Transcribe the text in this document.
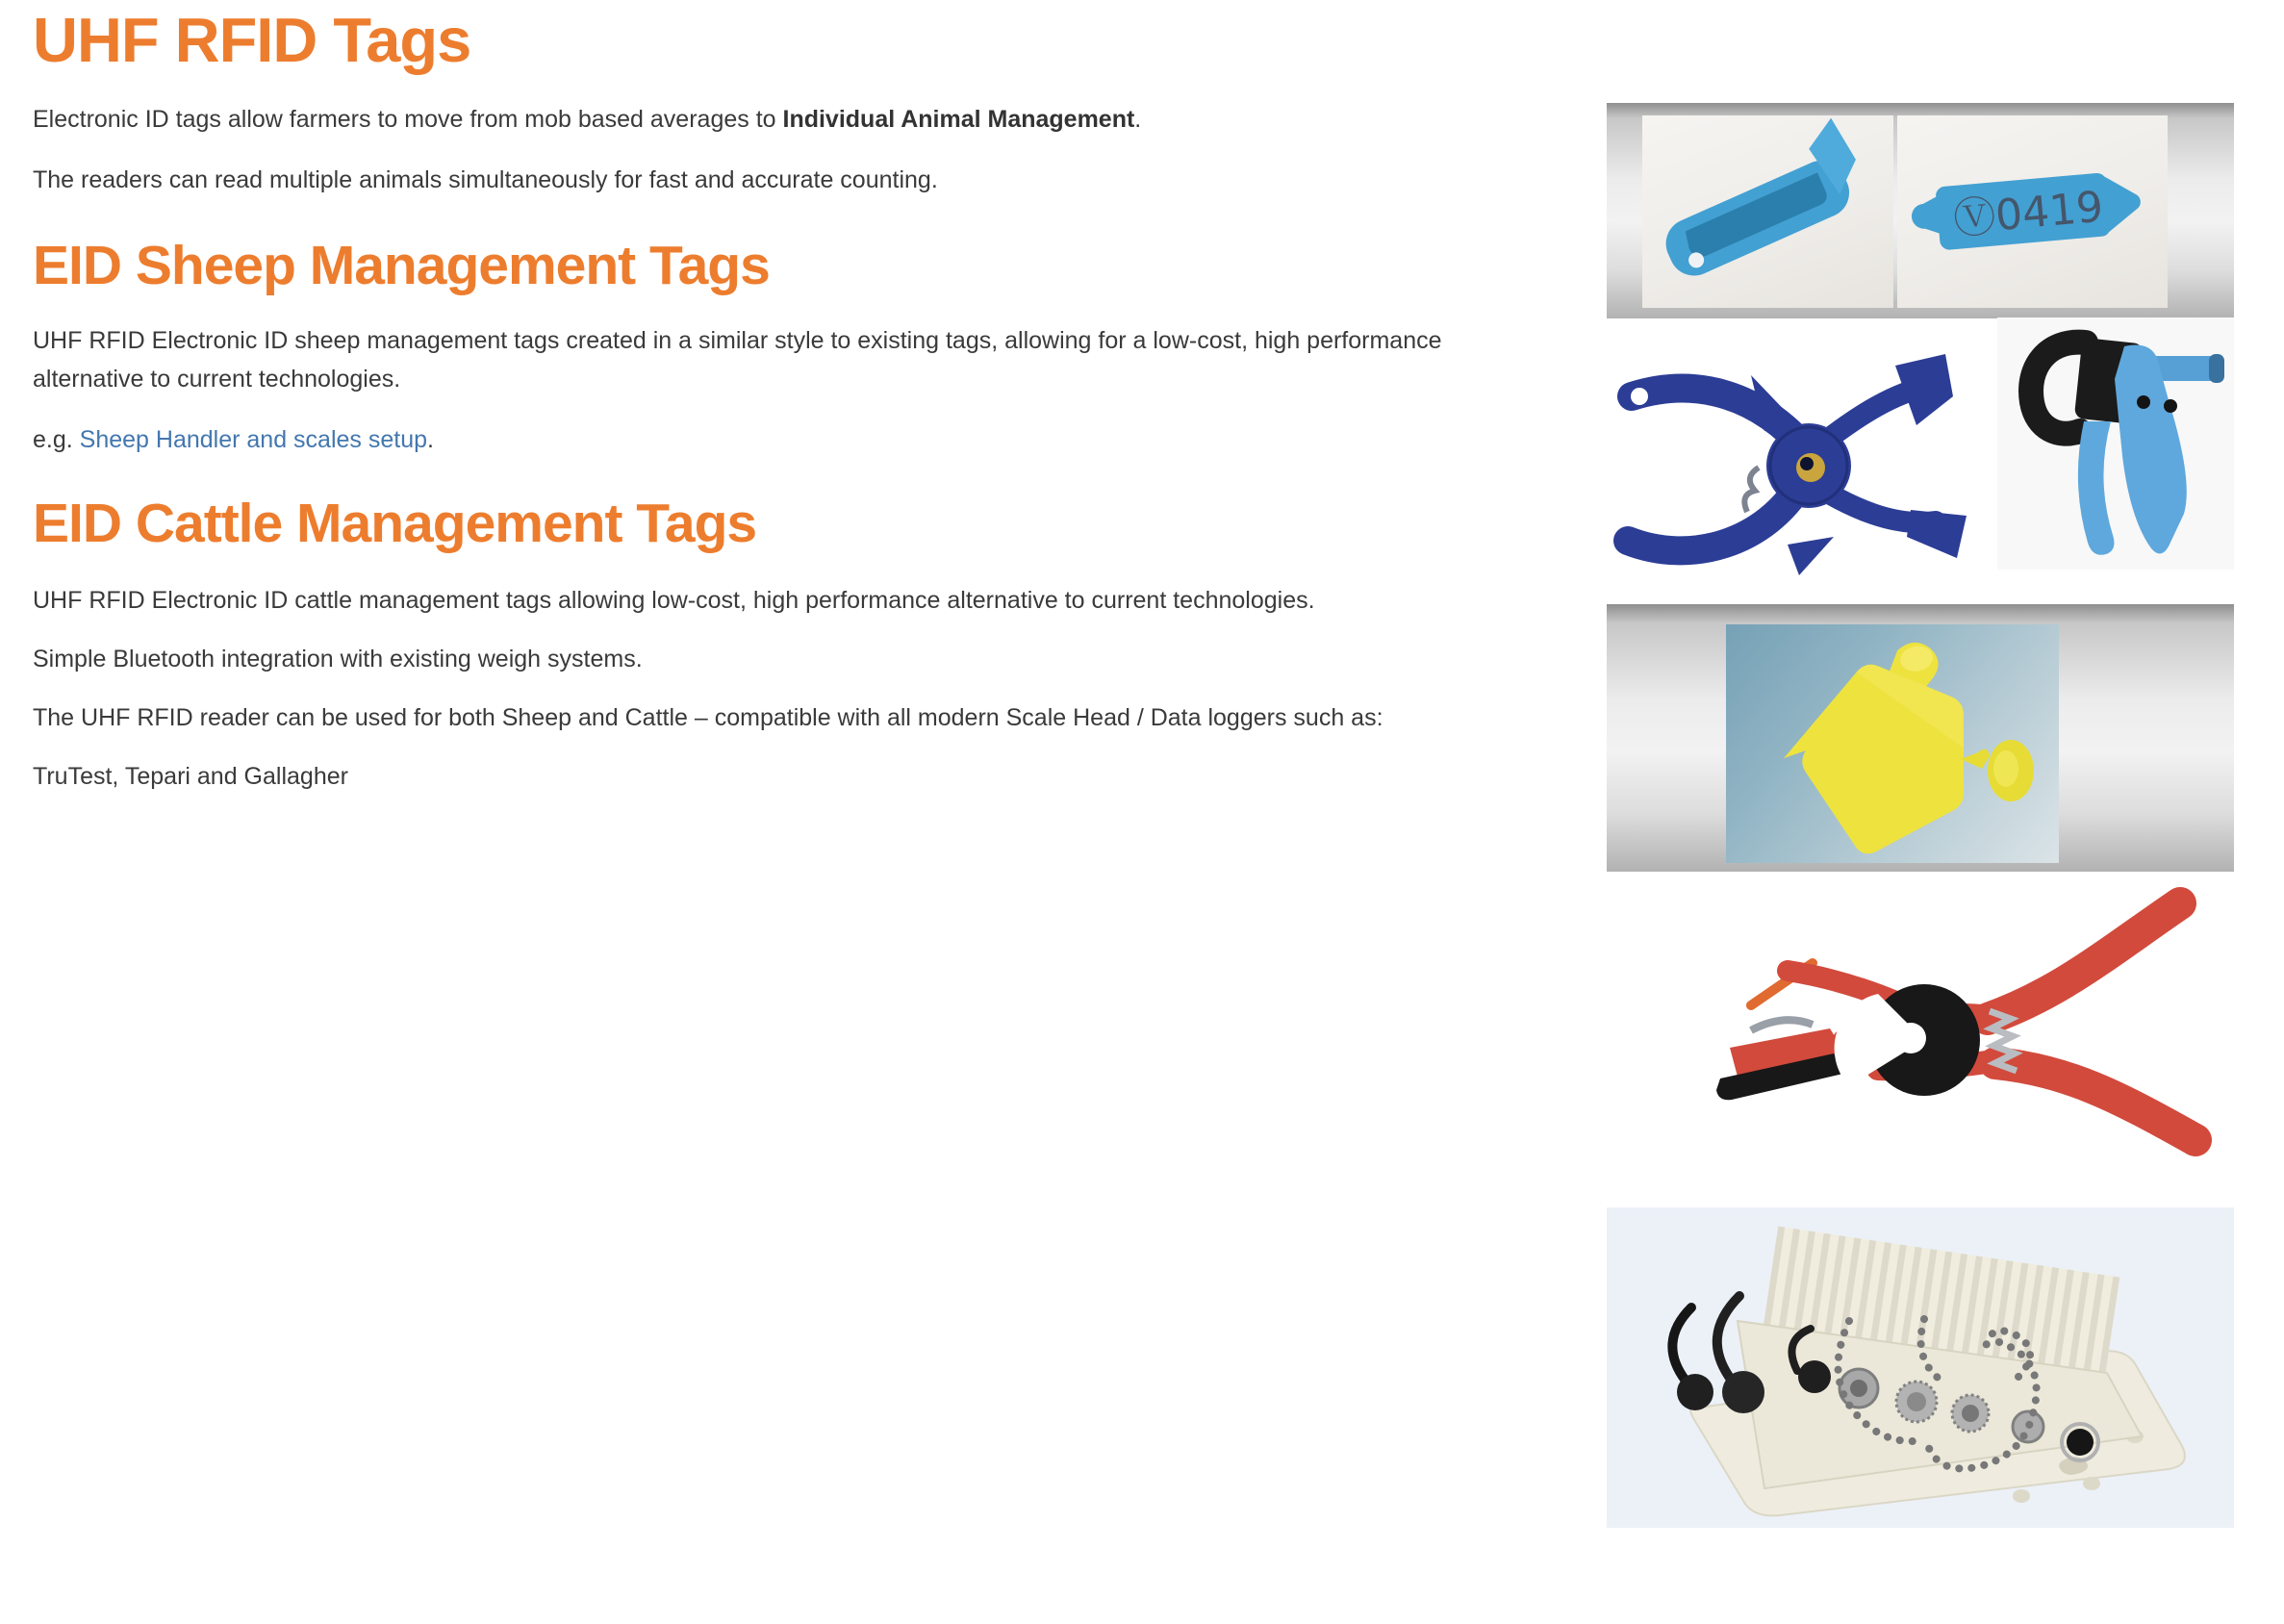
UHF RFID Tags

Electronic ID tags allow farmers to move from mob based averages to Individual Animal Management.

The readers can read multiple animals simultaneously for fast and accurate counting.

EID Sheep Management Tags

UHF RFID Electronic ID sheep management tags created in a similar style to existing tags, allowing for a low-cost, high performance alternative to current technologies.

e.g. Sheep Handler and scales setup.

EID Cattle Management Tags

UHF RFID Electronic ID cattle management tags allowing low-cost, high performance alternative to current technologies.

Simple Bluetooth integration with existing weigh systems.

The UHF RFID reader can be used for both Sheep and Cattle – compatible with all modern Scale Head / Data loggers such as:

TruTest, Tepari and Gallagher

Ⓥ0419
